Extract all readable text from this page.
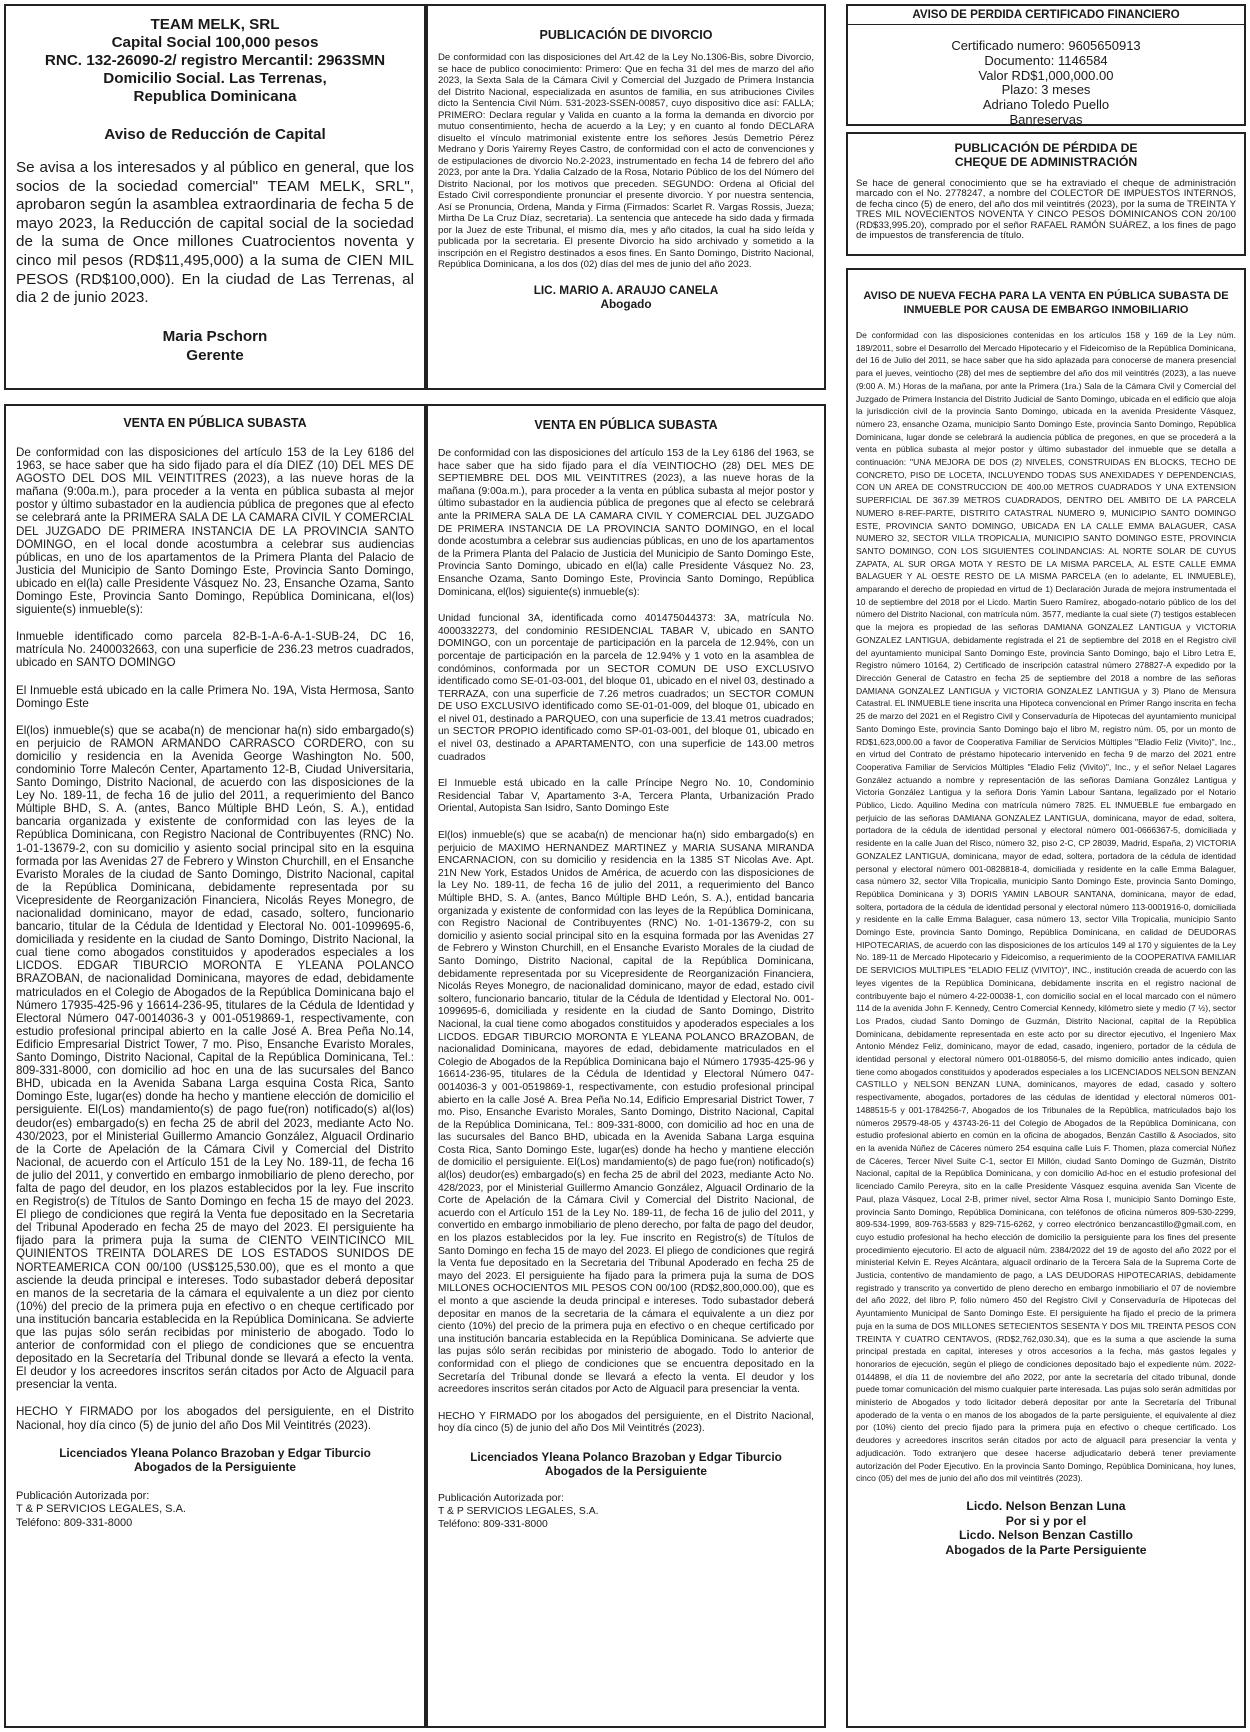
TEAM MELK, SRL
Capital Social 100,000 pesos
RNC. 132-26090-2/ registro Mercantil: 2963SMN
Domicilio Social. Las Terrenas,
Republica Dominicana
Aviso de Reducción de Capital

Se avisa a los interesados y al público en general, que los socios de la sociedad comercial" TEAM MELK, SRL", aprobaron según la asamblea extraordinaria de fecha 5 de mayo 2023, la Reducción de capital social de la sociedad de la suma de Once millones Cuatrocientos noventa y cinco mil pesos (RD$11,495,000) a la suma de CIEN MIL PESOS (RD$100,000). En la ciudad de Las Terrenas, al dia 2 de junio 2023.

Maria Pschorn
Gerente
VENTA EN PÚBLICA SUBASTA

De conformidad con las disposiciones del artículo 153 de la Ley 6186 del 1963, se hace saber que ha sido fijado para el día DIEZ (10) DEL MES DE AGOSTO DEL DOS MIL VEINTITRES (2023), a las nueve horas de la mañana (9:00a.m.), para proceder a la venta en pública subasta al mejor postor y último subastador en la audiencia pública de pregones que al efecto se celebrará ante la PRIMERA SALA DE LA CAMARA CIVIL Y COMERCIAL DEL JUZGADO DE PRIMERA INSTANCIA DE LA PROVINCIA SANTO DOMINGO, en el local donde acostumbra a celebrar sus audiencias públicas, en uno de los apartamentos de la Primera Planta del Palacio de Justicia del Municipio de Santo Domingo Este, Provincia Santo Domingo, ubicado en el(la) calle Presidente Vásquez No. 23, Ensanche Ozama, Santo Domingo Este, Provincia Santo Domingo, República Dominicana, el(los) siguiente(s) inmueble(s):

Inmueble identificado como parcela 82-B-1-A-6-A-1-SUB-24, DC 16, matrícula No. 2400032663, con una superficie de 236.23 metros cuadrados, ubicado en SANTO DOMINGO

El Inmueble está ubicado en la calle Primera No. 19A, Vista Hermosa, Santo Domingo Este

El(los) inmueble(s) que se acaba(n) de mencionar ha(n) sido embargado(s) en perjuicio de RAMON ARMANDO CARRASCO CORDERO, con su domicilio y residencia en la Avenida George Washington No. 500, condominio Torre Malecón Center, Apartamento 12-B, Ciudad Universitaria, Santo Domingo, Distrito Nacional, de acuerdo con las disposiciones de la Ley No. 189-11, de fecha 16 de julio del 2011, a requerimiento del Banco Múltiple BHD, S. A. (antes, Banco Múltiple BHD León, S. A.), entidad bancaria organizada y existente de conformidad con las leyes de la República Dominicana, con Registro Nacional de Contribuyentes (RNC) No. 1-01-13679-2, con su domicilio y asiento social principal sito en la esquina formada por las Avenidas 27 de Febrero y Winston Churchill, en el Ensanche Evaristo Morales de la ciudad de Santo Domingo, Distrito Nacional, capital de la República Dominicana, debidamente representada por su Vicepresidente de Reorganización Financiera, Nicolás Reyes Monegro, de nacionalidad dominicano, mayor de edad, casado, soltero, funcionario bancario, titular de la Cédula de Identidad y Electoral No. 001-1099695-6, domiciliada y residente en la ciudad de Santo Domingo, Distrito Nacional, la cual tiene como abogados constituidos y apoderados especiales a los LICDOS. EDGAR TIBURCIO MORONTA E YLEANA POLANCO BRAZOBAN, de nacionalidad Dominicana, mayores de edad, debidamente matriculados en el Colegio de Abogados de la República Dominicana bajo el Número 17935-425-96 y 16614-236-95, titulares de la Cédula de Identidad y Electoral Número 047-0014036-3 y 001-0519869-1, respectivamente, con estudio profesional principal abierto en la calle José A. Brea Peña No.14, Edificio Empresarial District Tower, 7 mo. Piso, Ensanche Evaristo Morales, Santo Domingo, Distrito Nacional, Capital de la República Dominicana, Tel.: 809-331-8000, con domicilio ad hoc en una de las sucursales del Banco BHD, ubicada en la Avenida Sabana Larga esquina Costa Rica, Santo Domingo Este, lugar(es) donde ha hecho y mantiene elección de domicilio el persiguiente. El(Los) mandamiento(s) de pago fue(ron) notificado(s) al(los) deudor(es) embargado(s) en fecha 25 de abril del 2023, mediante Acto No. 430/2023, por el Ministerial Guillermo Amancio González, Alguacil Ordinario de la Corte de Apelación de la Cámara Civil y Comercial del Distrito Nacional, de acuerdo con el Artículo 151 de la Ley No. 189-11, de fecha 16 de julio del 2011, y convertido en embargo inmobiliario de pleno derecho, por falta de pago del deudor, en los plazos establecidos por la ley. Fue inscrito en Registro(s) de Títulos de Santo Domingo en fecha 15 de mayo del 2023. El pliego de condiciones que regirá la Venta fue depositado en la Secretaria del Tribunal Apoderado en fecha 25 de mayo del 2023. El persiguiente ha fijado para la primera puja la suma de CIENTO VEINTICINCO MIL QUINIENTOS TREINTA DOLARES DE LOS ESTADOS SUNIDOS DE NORTEAMERICA CON 00/100 (US$125,530.00), que es el monto a que asciende la deuda principal e intereses. Todo subastador deberá depositar en manos de la secretaria de la cámara el equivalente a un diez por ciento (10%) del precio de la primera puja en efectivo o en cheque certificado por una institución bancaria establecida en la República Dominicana. Se advierte que las pujas sólo serán recibidas por ministerio de abogado. Todo lo anterior de conformidad con el pliego de condiciones que se encuentra depositado en la Secretaría del Tribunal donde se llevará a efecto la venta. El deudor y los acreedores inscritos serán citados por Acto de Alguacil para presenciar la venta.

HECHO Y FIRMADO por los abogados del persiguiente, en el Distrito Nacional, hoy día cinco (5) de junio del año Dos Mil Veintitrés (2023).

Licenciados Yleana Polanco Brazoban y Edgar Tiburcio
Abogados de la Persiguiente
Publicación Autorizada por:
T & P SERVICIOS LEGALES, S.A.
Teléfono: 809-331-8000
PUBLICACIÓN DE DIVORCIO

De conformidad con las disposiciones del Art.42 de la Ley No.1306-Bis, sobre Divorcio, se hace de publico conocimiento: Primero: Que en fecha 31 del mes de marzo del año 2023, la Sexta Sala de la Cámara Civil y Comercial del Juzgado de Primera Instancia del Distrito Nacional, especializada en asuntos de familia, en sus atribuciones Civiles dicto la Sentencia Civil Núm. 531-2023-SSEN-00857, cuyo dispositivo dice así: FALLA; PRIMERO: Declara regular y Valida en cuanto a la forma la demanda en divorcio por mutuo consentimiento, hecha de acuerdo a la Ley; y en cuanto al fondo DECLARA disuelto el vínculo matrimonial existente entre los señores Jesús Demetrio Pérez Medrano y Doris Yairemy Reyes Castro, de conformidad con el acto de convenciones y de estipulaciones de divorcio No.2-2023, instrumentado en fecha 14 de febrero del año 2023, por ante la Dra. Ydalia Calzado de la Rosa, Notario Público de los del Número del Distrito Nacional, por los motivos que preceden. SEGUNDO: Ordena al Oficial del Estado Civil correspondiente pronunciar el presente divorcio. Y por nuestra sentencia, Así se Pronuncia, Ordena, Manda y Firma (Firmados: Scarlet R. Vargas Rossis, Jueza; Mirtha De La Cruz Díaz, secretaria). La sentencia que antecede ha sido dada y firmada por la Juez de este Tribunal, el mismo día, mes y año citados, la cual ha sido leída y publicada por la secretaria. El presente Divorcio ha sido archivado y sometido a la inscripción en el Registro destinados a esos fines. En Santo Domingo, Distrito Nacional, República Dominicana, a los dos (02) días del mes de junio del año 2023.

LIC. MARIO A. ARAUJO CANELA
Abogado
VENTA EN PÚBLICA SUBASTA

De conformidad con las disposiciones del artículo 153 de la Ley 6186 del 1963, se hace saber que ha sido fijado para el día VEINTIOCHO (28) DEL MES DE SEPTIEMBRE DEL DOS MIL VEINTITRES (2023), a las nueve horas de la mañana (9:00a.m.), para proceder a la venta en pública subasta al mejor postor y último subastador en la audiencia pública de pregones que al efecto se celebrará ante la PRIMERA SALA DE LA CAMARA CIVIL Y COMERCIAL DEL JUZGADO DE PRIMERA INSTANCIA DE LA PROVINCIA SANTO DOMINGO, en el local donde acostumbra a celebrar sus audiencias públicas, en uno de los apartamentos de la Primera Planta del Palacio de Justicia del Municipio de Santo Domingo Este, Provincia Santo Domingo, ubicado en el(la) calle Presidente Vásquez No. 23, Ensanche Ozama, Santo Domingo Este, Provincia Santo Domingo, República Dominicana, el(los) siguiente(s) inmueble(s):

Unidad funcional 3A, identificada como 401475044373: 3A, matrícula No. 4000332273, del condominio RESIDENCIAL TABAR V, ubicado en SANTO DOMINGO, con un porcentaje de participación en la parcela de 12.94%, con un porcentaje de participación en la parcela de 12.94% y 1 voto en la asamblea de condóminos, conformada por un SECTOR COMUN DE USO EXCLUSIVO identificado como SE-01-03-001, del bloque 01, ubicado en el nivel 03, destinado a TERRAZA, con una superficie de 7.26 metros cuadrados; un SECTOR COMUN DE USO EXCLUSIVO identificado como SE-01-01-009, del bloque 01, ubicado en el nivel 01, destinado a PARQUEO, con una superficie de 13.41 metros cuadrados; un SECTOR PROPIO identificado como SP-01-03-001, del bloque 01, ubicado en el nivel 03, destinado a APARTAMENTO, con una superficie de 143.00 metros cuadrados

El Inmueble está ubicado en la calle Príncipe Negro No. 10, Condominio Residencial Tabar V, Apartamento 3-A, Tercera Planta, Urbanización Prado Oriental, Autopista San Isidro, Santo Domingo Este

El(los) inmueble(s) que se acaba(n) de mencionar ha(n) sido embargado(s) en perjuicio de MAXIMO HERNANDEZ MARTINEZ y MARIA SUSANA MIRANDA ENCARNACION, con su domicilio y residencia en la 1385 ST Nicolas Ave. Apt. 21N New York, Estados Unidos de América, de acuerdo con las disposiciones de la Ley No. 189-11, de fecha 16 de julio del 2011, a requerimiento del Banco Múltiple BHD, S. A. (antes, Banco Múltiple BHD León, S. A.), entidad bancaria organizada y existente de conformidad con las leyes de la República Dominicana, con Registro Nacional de Contribuyentes (RNC) No. 1-01-13679-2, con su domicilio y asiento social principal sito en la esquina formada por las Avenidas 27 de Febrero y Winston Churchill, en el Ensanche Evaristo Morales de la ciudad de Santo Domingo, Distrito Nacional, capital de la República Dominicana, debidamente representada por su Vicepresidente de Reorganización Financiera, Nicolás Reyes Monegro, de nacionalidad dominicano, mayor de edad, estado civil soltero, funcionario bancario, titular de la Cédula de Identidad y Electoral No. 001-1099695-6, domiciliada y residente en la ciudad de Santo Domingo, Distrito Nacional, la cual tiene como abogados constituidos y apoderados especiales a los LICDOS. EDGAR TIBURCIO MORONTA E YLEANA POLANCO BRAZOBAN, de nacionalidad Dominicana, mayores de edad, debidamente matriculados en el Colegio de Abogados de la República Dominicana bajo el Número 17935-425-96 y 16614-236-95, titulares de la Cédula de Identidad y Electoral Número 047-0014036-3 y 001-0519869-1, respectivamente, con estudio profesional principal abierto en la calle José A. Brea Peña No.14, Edificio Empresarial District Tower, 7 mo. Piso, Ensanche Evaristo Morales, Santo Domingo, Distrito Nacional, Capital de la República Dominicana, Tel.: 809-331-8000, con domicilio ad hoc en una de las sucursales del Banco BHD, ubicada en la Avenida Sabana Larga esquina Costa Rica, Santo Domingo Este, lugar(es) donde ha hecho y mantiene elección de domicilio el persiguiente. El(Los) mandamiento(s) de pago fue(ron) notificado(s) al(los) deudor(es) embargado(s) en fecha 25 de abril del 2023, mediante Acto No. 428/2023, por el Ministerial Guillermo Amancio González, Alguacil Ordinario de la Corte de Apelación de la Cámara Civil y Comercial del Distrito Nacional, de acuerdo con el Artículo 151 de la Ley No. 189-11, de fecha 16 de julio del 2011, y convertido en embargo inmobiliario de pleno derecho, por falta de pago del deudor, en los plazos establecidos por la ley. Fue inscrito en Registro(s) de Títulos de Santo Domingo en fecha 15 de mayo del 2023. El pliego de condiciones que regirá la Venta fue depositado en la Secretaria del Tribunal Apoderado en fecha 25 de mayo del 2023. El persiguiente ha fijado para la primera puja la suma de DOS MILLONES OCHOCIENTOS MIL PESOS CON 00/100 (RD$2,800,000.00), que es el monto a que asciende la deuda principal e intereses. Todo subastador deberá depositar en manos de la secretaria de la cámara el equivalente a un diez por ciento (10%) del precio de la primera puja en efectivo o en cheque certificado por una institución bancaria establecida en la República Dominicana. Se advierte que las pujas sólo serán recibidas por ministerio de abogado. Todo lo anterior de conformidad con el pliego de condiciones que se encuentra depositado en la Secretaría del Tribunal donde se llevará a efecto la venta. El deudor y los acreedores inscritos serán citados por Acto de Alguacil para presenciar la venta.

HECHO Y FIRMADO por los abogados del persiguiente, en el Distrito Nacional, hoy día cinco (5) de junio del año Dos Mil Veintitrés (2023).

Licenciados Yleana Polanco Brazoban y Edgar Tiburcio
Abogados de la Persiguiente
Publicación Autorizada por:
T & P SERVICIOS LEGALES, S.A.
Teléfono: 809-331-8000
AVISO DE PERDIDA CERTIFICADO FINANCIERO
Certificado numero: 9605650913
Documento: 1146584
Valor RD$1,000,000.00
Plazo: 3 meses
Adriano Toledo Puello
Banreservas
PUBLICACIÓN DE PÉRDIDA DE
CHEQUE DE ADMINISTRACIÓN

Se hace de general conocimiento que se ha extraviado el cheque de administración marcado con el No. 2778247, a nombre del COLECTOR DE IMPUESTOS INTERNOS, de fecha cinco (5) de enero, del año dos mil veintitrés (2023), por la suma de TREINTA Y TRES MIL NOVECIENTOS NOVENTA Y CINCO PESOS DOMINICANOS CON 20/100 (RD$33,995.20), comprado por el señor RAFAEL RAMÓN SUÁREZ, a los fines de pago de impuestos de transferencia de título.

AVISO DE NUEVA FECHA PARA LA VENTA EN PÚBLICA SUBASTA DE
INMUEBLE POR CAUSA DE EMBARGO INMOBILIARIO

De conformidad con las disposiciones contenidas en los artículos 158 y 169 de la Ley núm. 189/2011, sobre el Desarrollo del Mercado Hipotecario y el Fideicomiso de la República Dominicana, del 16 de Julio del 2011, se hace saber que ha sido aplazada para conocerse de manera presencial para el jueves, veintiocho (28) del mes de septiembre del año dos mil veintitrés (2023), a las nueve (9:00 A. M.) Horas de la mañana, por ante la Primera (1ra.) Sala de la Cámara Civil y Comercial del Juzgado de Primera Instancia del Distrito Judicial de Santo Domingo, ubicada en el edificio que aloja la jurisdicción civil de la provincia Santo Domingo, ubicada en la avenida Presidente Vásquez, número 23, ensanche Ozama, municipio Santo Domingo Este, provincia Santo Domingo, República Dominicana, lugar donde se celebrará la audiencia pública de pregones, en que se procederá a la venta en pública subasta al mejor postor y último subastador del inmueble que se detalla a continuación: "UNA MEJORA DE DOS (2) NIVELES, CONSTRUIDAS EN BLOCKS, TECHO DE CONCRETO, PISO DE LOCETA, INCLUYENDO TODAS SUS ANEXIDADES Y DEPENDENCIAS, CON UN AREA DE CONSTRUCCION DE 400.00 METROS CUADRADOS Y UNA EXTENSION SUPERFICIAL DE 367.39 METROS CUADRADOS, DENTRO DEL AMBITO DE LA PARCELA NUMERO 8-REF-PARTE, DISTRITO CATASTRAL NUMERO 9, MUNICIPIO SANTO DOMINGO ESTE, PROVINCIA SANTO DOMINGO, UBICADA EN LA CALLE EMMA BALAGUER, CASA NUMERO 32, SECTOR VILLA TROPICALIA, MUNICIPIO SANTO DOMINGO ESTE, PROVINCIA SANTO DOMINGO, CON LOS SIGUIENTES COLINDANCIAS: AL NORTE SOLAR DE CUYUS ZAPATA, AL SUR ORGA MOTA Y RESTO DE LA MISMA PARCELA, AL ESTE CALLE EMMA BALAGUER Y AL OESTE RESTO DE LA MISMA PARCELA (en lo adelante, EL INMUEBLE), amparando el derecho de propiedad en virtud de 1) Declaración Jurada de mejora instrumentada el 10 de septiembre del 2018 por el Licdo. Martin Suero Ramírez, abogado-notario público de los del número del Distrito Nacional, con matrícula núm. 3577, mediante la cual siete (7) testigos establecen que la mejora es propiedad de las señoras DAMIANA GONZALEZ LANTIGUA y VICTORIA GONZALEZ LANTIGUA, debidamente registrada el 21 de septiembre del 2018 en el Registro civil del ayuntamiento municipal Santo Domingo Este, provincia Santo Domingo, bajo el Libro Letra E, Registro número 10164, 2) Certificado de inscripción catastral número 278827-A expedido por la Dirección General de Catastro en fecha 25 de septiembre del 2018 a nombre de las señoras DAMIANA GONZALEZ LANTIGUA y VICTORIA GONZALEZ LANTIGUA y 3) Plano de Mensura Catastral. EL INMUEBLE tiene inscrita una Hipoteca convencional en Primer Rango inscrita en fecha 25 de marzo del 2021 en el Registro Civil y Conservaduría de Hipotecas del ayuntamiento municipal Santo Domingo Este, provincia Santo Domingo bajo el libro M, registro núm. 05, por un monto de RD$1,623,000.00 a favor de Cooperativa Familiar de Servicios Múltiples "Eladio Feliz (Vivito)", Inc., en virtud del Contrato de préstamo hipotecario intervenido en fecha 9 de marzo del 2021 entre Cooperativa Familiar de Servicios Múltiples "Eladio Feliz (Vivito)", Inc., y el señor Nelael Lagares González actuando a nombre y representación de las señoras Damiana González Lantigua y Victoria González Lantigua y la señora Doris Yamin Labour Santana, legalizado por el Notario Público, Licdo. Aquilino Medina con matrícula número 7825. EL INMUEBLE fue embargado en perjuicio de las señoras DAMIANA GONZALEZ LANTIGUA, dominicana, mayor de edad, soltera, portadora de la cédula de identidad personal y electoral número 001-0666367-5, domiciliada y residente en la calle Juan del Risco, número 32, piso 2-C, CP 28039, Madrid, España, 2) VICTORIA GONZALEZ LANTIGUA, dominicana, mayor de edad, soltera, portadora de la cédula de identidad personal y electoral número 001-0828818-4, domiciliada y residente en la calle Emma Balaguer, casa número 32, sector Villa Tropicalia, municipio Santo Domingo Este, provincia Santo Domingo, República Dominicana y 3) DORIS YAMIN LABOUR SANTANA, dominicana, mayor de edad, soltera, portadora de la cédula de identidad personal y electoral número 113-0001916-0, domiciliada y residente en la calle Emma Balaguer, casa número 13, sector Villa Tropicalia, municipio Santo Domingo Este, provincia Santo Domingo, República Dominicana, en calidad de DEUDORAS HIPOTECARIAS, de acuerdo con las disposiciones de los artículos 149 al 170 y siguientes de la Ley No. 189-11 de Mercado Hipotecario y Fideicomiso, a requerimiento de la COOPERATIVA FAMILIAR DE SERVICIOS MULTIPLES "ELADIO FELIZ (VIVITO)", INC., institución creada de acuerdo con las leyes vigentes de la República Dominicana, debidamente inscrita en el registro nacional de contribuyente bajo el número 4-22-00038-1, con domicilio social en el local marcado con el número 114 de la avenida John F. Kennedy, Centro Comercial Kennedy, kilómetro siete y medio (7 ½), sector Los Prados, ciudad Santo Domingo de Guzmán, Distrito Nacional, capital de la República Dominicana, debidamente representada en este acto por su director ejecutivo, el Ingeniero Max Antonio Méndez Feliz, dominicano, mayor de edad, casado, ingeniero, portador de la cédula de identidad personal y electoral número 001-0188056-5, del mismo domicilio antes indicado, quien tiene como abogados constituidos y apoderados especiales a los LICENCIADOS NELSON BENZAN CASTILLO y NELSON BENZAN LUNA, dominicanos, mayores de edad, casado y soltero respectivamente, abogados, portadores de las cédulas de identidad y electoral números 001-1488515-5 y 001-1784256-7, Abogados de los Tribunales de la República, matriculados bajo los números 29579-48-05 y 43743-26-11 del Colegio de Abogados de la República Dominicana, con estudio profesional abierto en común en la oficina de abogados, Benzán Castillo & Asociados, sito en la avenida Núñez de Cáceres número 254 esquina calle Luis F. Thomen, plaza comercial Núñez de Cáceres, Tercer Nivel Suite C-1, sector El Millón, ciudad Santo Domingo de Guzmán, Distrito Nacional, capital de la República Dominicana, y con domicilio Ad-hoc en el estudio profesional del licenciado Camilo Pereyra, sito en la calle Presidente Vásquez esquina avenida San Vicente de Paul, plaza Vásquez, Local 2-B, primer nivel, sector Alma Rosa I, municipio Santo Domingo Este, provincia Santo Domingo, República Dominicana, con teléfonos de oficina números 809-530-2299, 809-534-1999, 809-763-5583 y 829-715-6262, y correo electrónico benzancastillo@gmail.com, en cuyo estudio profesional ha hecho elección de domicilio la persiguiente para los fines del presente procedimiento ejecutorio. El acto de alguacil núm. 2384/2022 del 19 de agosto del año 2022 por el ministerial Kelvin E. Reyes Alcántara, alguacil ordinario de la Tercera Sala de la Suprema Corte de Justicia, contentivo de mandamiento de pago, a LAS DEUDORAS HIPOTECARIAS, debidamente registrado y transcrito ya convertido de pleno derecho en embargo inmobiliario el 07 de noviembre del año 2022, del libro P, folio número 450 del Registro Civil y Conservaduría de Hipotecas del Ayuntamiento Municipal de Santo Domingo Este. El persiguiente ha fijado el precio de la primera puja en la suma de DOS MILLONES SETECIENTOS SESENTA Y DOS MIL TREINTA PESOS CON TREINTA Y CUATRO CENTAVOS, (RD$2,762,030.34), que es la suma a que asciende la suma principal prestada en capital, intereses y otros accesorios a la fecha, más gastos legales y honorarios de ejecución, según el pliego de condiciones depositado bajo el expediente núm. 2022-0144898, el día 11 de noviembre del año 2022, por ante la secretaría del citado tribunal, donde puede tomar comunicación del mismo cualquier parte interesada. Las pujas solo serán admitidas por ministerio de Abogados y todo licitador deberá depositar por ante la Secretaría del Tribunal apoderado de la venta o en manos de los abogados de la parte persiguiente, el equivalente al diez por (10%) ciento del precio fijado para la primera puja en efectivo o cheque certificado. Los deudores y acreedores inscritos serán citados por acto de alguacil para presenciar la venta y adjudicación. Todo extranjero que desee hacerse adjudicatario deberá tener previamente autorización del Poder Ejecutivo. En la provincia Santo Domingo, República Dominicana, hoy lunes, cinco (05) del mes de junio del año dos mil veintitrés (2023).

Licdo. Nelson Benzan Luna
Por si y por el
Licdo. Nelson Benzan Castillo
Abogados de la Parte Persiguiente
